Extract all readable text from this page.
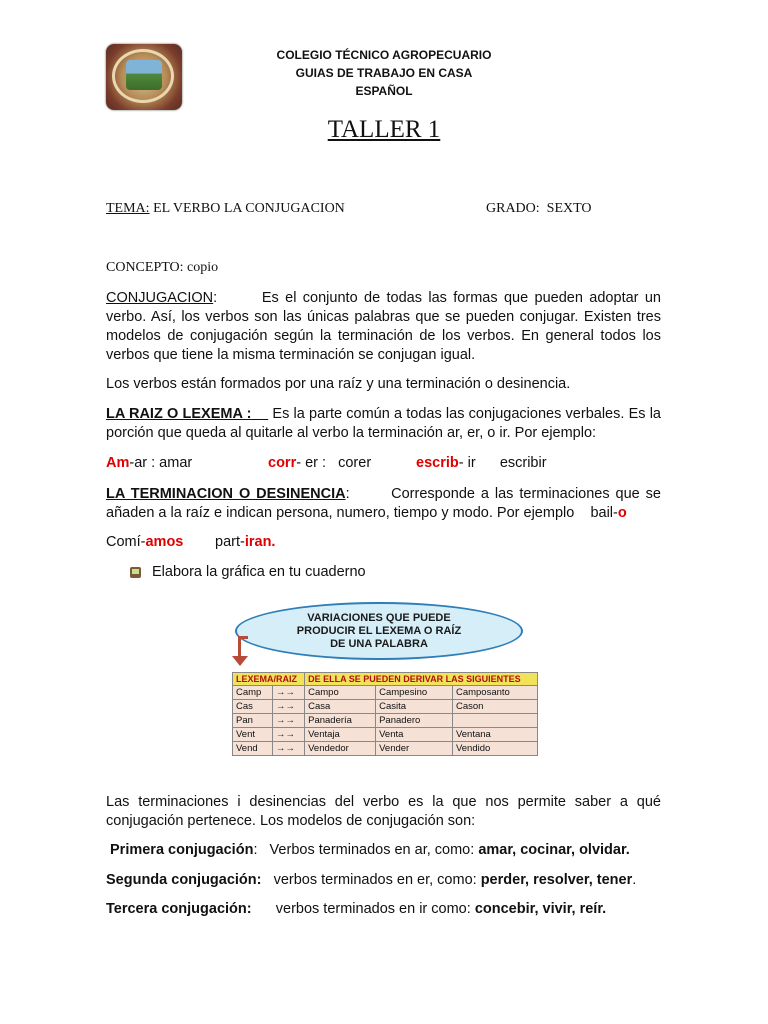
COLEGIO TÉCNICO AGROPECUARIO
GUIAS DE TRABAJO EN CASA
ESPAÑOL
TALLER 1
TEMA: EL VERBO LA CONJUGACION	GRADO: SEXTO
CONCEPTO: copio
CONJUGACION:       Es el conjunto de todas las formas que pueden adoptar un verbo. Así, los verbos son las únicas palabras que se pueden conjugar. Existen tres modelos de conjugación según la terminación de los verbos. En general todos los verbos que tiene la misma terminación se conjugan igual.
Los verbos están formados por una raíz y una terminación o desinencia.
LA RAIZ O LEXEMA : Es la parte común a todas las conjugaciones verbales. Es la porción que queda al quitarle al verbo la terminación ar, er, o ir. Por ejemplo:
Am-ar : amar	corr- er :   corer	escrib- ir      escribir
LA TERMINACION O DESINENCIA:       Corresponde a las terminaciones que se añaden a la raíz e indican persona, numero, tiempo y modo. Por ejemplo bail-o
Comí-amos part-iran.
Elabora la gráfica en tu cuaderno
VARIACIONES QUE PUEDE
PRODUCIR EL LEXEMA O RAÍZ
DE UNA PALABRA
LEXEMA/RAIZ		DE ELLA SE PUEDEN DERIVAR LAS SIGUIENTES		
Camp	→→	Campo	Campesino	Camposanto
Cas	→→	Casa	Casita	Cason
Pan	→→	Panadería	Panadero	
Vent	→→	Ventaja	Venta	Ventana
Vend	→→	Vendedor	Vender	Vendido
Las terminaciones i desinencias del verbo es la que nos permite saber a qué conjugación pertenece. Los modelos de conjugación son:
Primera conjugación:   Verbos terminados en ar, como: amar, cocinar, olvidar.
Segunda conjugación:   verbos terminados en er, como: perder, resolver, tener.
Tercera conjugación:      verbos terminados en ir como: concebir, vivir, reír.
